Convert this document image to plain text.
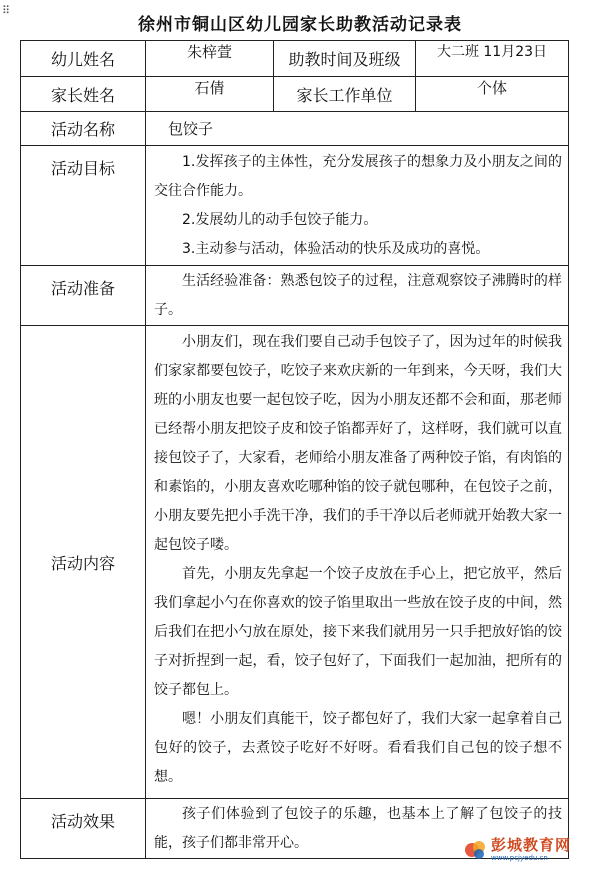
⠿
徐州市铜山区幼儿园家长助教活动记录表
幼儿姓名	朱梓萱	助教时间及班级	大二班 11月23日
家长姓名	石倩	家长工作单位	个体
活动名称	包饺子		
活动目标	1.发挥孩子的主体性，充分发展孩子的想象力及小朋友之间的交往合作能力。

2.发展幼儿的动手包饺子能力。

3.主动参与活动，体验活动的快乐及成功的喜悦。		

活动准备	生活经验准备：熟悉包饺子的过程，注意观察饺子沸腾时的样子。		

活动内容	小朋友们，现在我们要自己动手包饺子了，因为过年的时候我们家家都要包饺子，吃饺子来欢庆新的一年到来，今天呀，我们大班的小朋友也要一起包饺子吃，因为小朋友还都不会和面，那老师已经帮小朋友把饺子皮和饺子馅都弄好了，这样呀，我们就可以直接包饺子了，大家看，老师给小朋友准备了两种饺子馅，有肉馅的和素馅的，小朋友喜欢吃哪种馅的饺子就包哪种，在包饺子之前，小朋友要先把小手洗干净，我们的手干净以后老师就开始教大家一起包饺子喽。

首先，小朋友先拿起一个饺子皮放在手心上，把它放平，然后我们拿起小勺在你喜欢的饺子馅里取出一些放在饺子皮的中间，然后我们在把小勺放在原处，接下来我们就用另一只手把放好馅的饺子对折捏到一起，看，饺子包好了，下面我们一起加油，把所有的饺子都包上。

嗯！小朋友们真能干，饺子都包好了，我们大家一起拿着自己包好的饺子，去煮饺子吃好不好呀。看看我们自己包的饺子想不想。		

活动效果	孩子们体验到了包饺子的乐趣，也基本上了解了包饺子的技能，孩子们都非常开心。			彭城教育网
www.pcjyedu.cn
